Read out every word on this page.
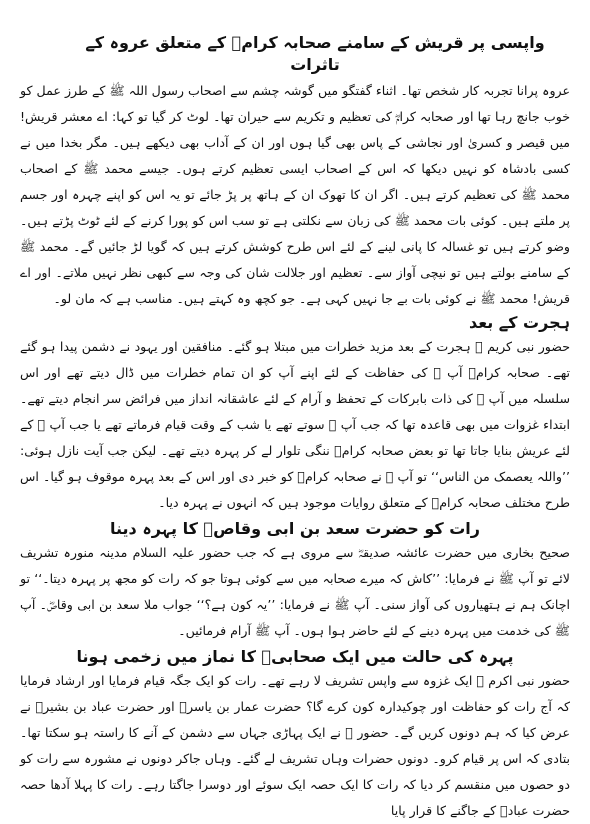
واپسی پر قریش کے سامنے صحابہ کرامؓ کے متعلق عروہ کے تاثرات

عروہ پرانا تجربہ کار شخص تھا۔ اثناء گفتگو میں گوشہ چشم سے اصحاب رسول اللہ ﷺ کے طرز عمل کو خوب جانچ رہا تھا اور صحابہ کرامؓ کی تعظیم و تکریم سے حیران تھا۔ لوٹ کر گیا تو کہا: اے معشر قریش! میں قیصر و کسریٰ اور نجاشی کے پاس بھی گیا ہوں اور ان کے آداب بھی دیکھے ہیں۔ مگر بخدا میں نے کسی بادشاہ کو نہیں دیکھا کہ اس کے اصحاب ایسی تعظیم کرتے ہوں۔ جیسے محمد ﷺ کے اصحاب محمد ﷺ کی تعظیم کرتے ہیں۔ اگر ان کا تھوک ان کے ہاتھ پر پڑ جائے تو یہ اس کو اپنے چہرہ اور جسم پر ملتے ہیں۔ کوئی بات محمد ﷺ کی زبان سے نکلتی ہے تو سب اس کو پورا کرنے کے لئے ٹوٹ پڑتے ہیں۔ وضو کرتے ہیں تو غسالہ کا پانی لینے کے لئے اس طرح کوشش کرتے ہیں کہ گویا لڑ جائیں گے۔ محمد ﷺ کے سامنے بولتے ہیں تو نیچی آواز سے۔ تعظیم اور جلالت شان کی وجہ سے کبھی نظر نہیں ملاتے۔ اور اے قریش! محمد ﷺ نے کوئی بات بے جا نہیں کہی ہے۔ جو کچھ وہ کہتے ہیں۔ مناسب ہے کہ مان لو۔

ہجرت کے بعد

حضور نبی کریم ﷺ ہجرت کے بعد مزید خطرات میں مبتلا ہو گئے۔ منافقین اور یہود نے دشمن پیدا ہو گئے تھے۔ صحابہ کرامؓ آپ ﷺ کی حفاظت کے لئے اپنے آپ کو ان تمام خطرات میں ڈال دیتے تھے اور اس سلسلہ میں آپ ﷺ کی ذات بابرکات کے تحفظ و آرام کے لئے عاشقانہ انداز میں فرائض سر انجام دیتے تھے۔ ابتداء غزوات میں بھی قاعدہ تھا کہ جب آپ ﷺ سوتے تھے یا شب کے وقت قیام فرماتے تھے یا جب آپ ﷺ کے لئے عریش بنایا جاتا تھا تو بعض صحابہ کرامؓ ننگی تلوار لے کر پہرہ دیتے تھے۔ لیکن جب آیت نازل ہوئی: ’’واللہ یعصمک من الناس‘‘ تو آپ ﷺ نے صحابہ کرامؓ کو خبر دی اور اس کے بعد پہرہ موقوف ہو گیا۔ اس طرح مختلف صحابہ کرامؓ کے متعلق روایات موجود ہیں کہ انہوں نے پہرہ دیا۔

رات کو حضرت سعد بن ابی وقاصؓ کا پہرہ دینا

صحیح بخاری میں حضرت عائشہ صدیقہؓ سے مروی ہے کہ جب حضور علیہ السلام مدینہ منورہ تشریف لائے تو آپ ﷺ نے فرمایا: ’’کاش کہ میرے صحابہ میں سے کوئی ہوتا جو کہ رات کو مجھ پر پہرہ دیتا۔‘‘ تو اچانک ہم نے ہتھیاروں کی آواز سنی۔ آپ ﷺ نے فرمایا: ’’یہ کون ہے؟‘‘ جواب ملا سعد بن ابی وقاصؓ۔ آپ ﷺ کی خدمت میں پہرہ دینے کے لئے حاضر ہوا ہوں۔ آپ ﷺ آرام فرمائیں۔

پہرہ کی حالت میں ایک صحابیؓ کا نماز میں زخمی ہونا

حضور نبی اکرم ﷺ ایک غزوہ سے واپس تشریف لا رہے تھے۔ رات کو ایک جگہ قیام فرمایا اور ارشاد فرمایا کہ آج رات کو حفاظت اور چوکیدارہ کون کرے گا؟ حضرت عمار بن یاسرؓ اور حضرت عباد بن بشیرؓ نے عرض کیا کہ ہم دونوں کریں گے۔ حضور ﷺ نے ایک پہاڑی جہاں سے دشمن کے آنے کا راستہ ہو سکتا تھا۔ بتادی کہ اس پر قیام کرو۔ دونوں حضرات وہاں تشریف لے گئے۔ وہاں جاکر دونوں نے مشورہ سے رات کو دو حصوں میں منقسم کر دیا کہ رات کا ایک حصہ ایک سوئے اور دوسرا جاگتا رہے۔ رات کا پہلا آدھا حصہ حضرت عبادؓ کے جاگنے کا قرار پایا
